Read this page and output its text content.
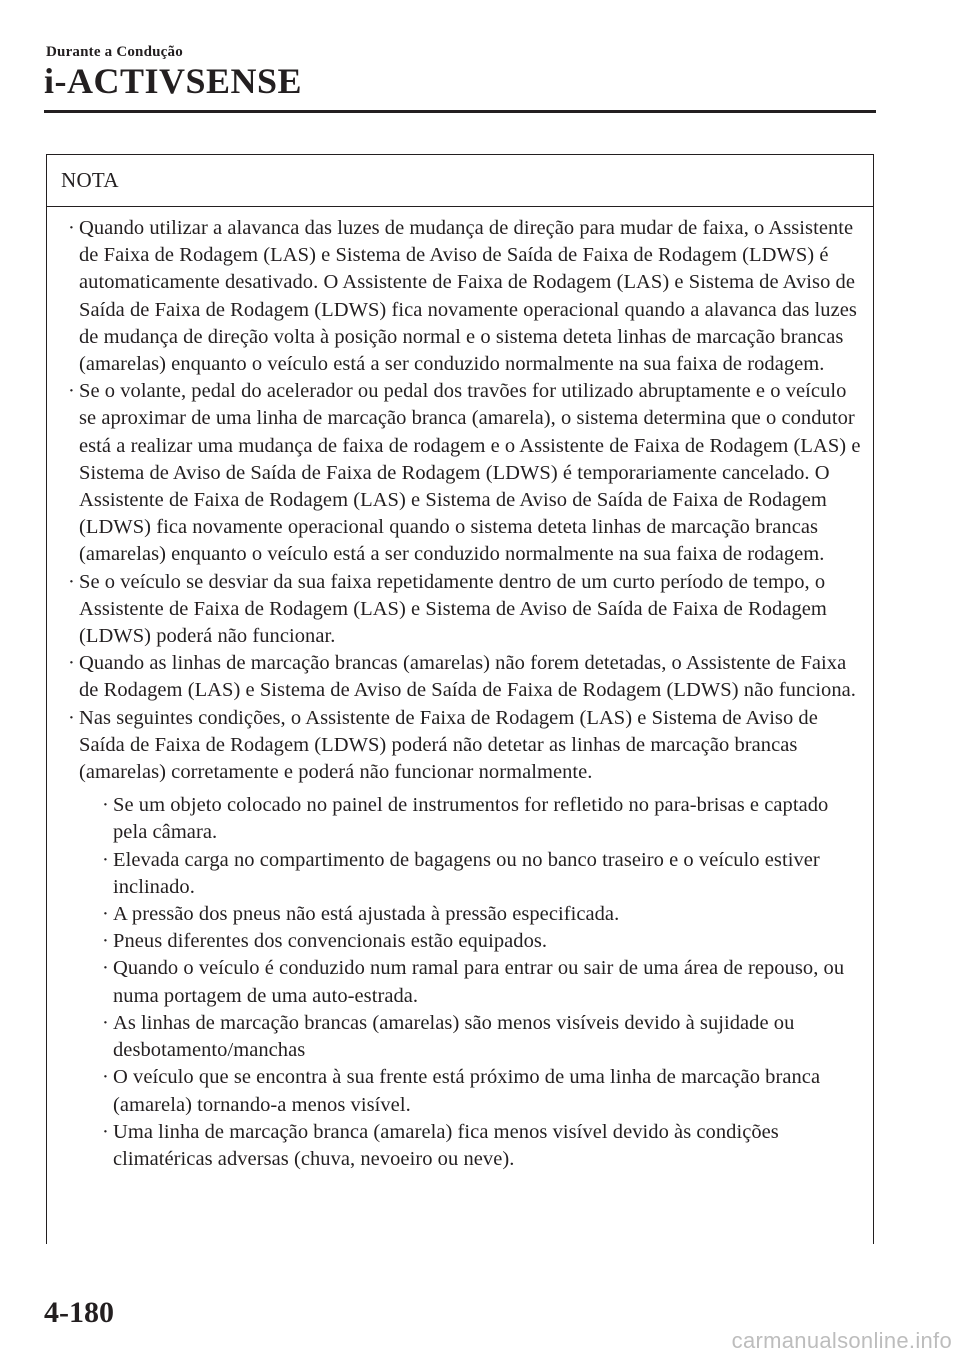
Durante a Condução
i-ACTIVSENSE
NOTA
· Quando utilizar a alavanca das luzes de mudança de direção para mudar de faixa, o Assistente de Faixa de Rodagem (LAS) e Sistema de Aviso de Saída de Faixa de Rodagem (LDWS) é automaticamente desativado. O Assistente de Faixa de Rodagem (LAS) e Sistema de Aviso de Saída de Faixa de Rodagem (LDWS) fica novamente operacional quando a alavanca das luzes de mudança de direção volta à posição normal e o sistema deteta linhas de marcação brancas (amarelas) enquanto o veículo está a ser conduzido normalmente na sua faixa de rodagem.
· Se o volante, pedal do acelerador ou pedal dos travões for utilizado abruptamente e o veículo se aproximar de uma linha de marcação branca (amarela), o sistema determina que o condutor está a realizar uma mudança de faixa de rodagem e o Assistente de Faixa de Rodagem (LAS) e Sistema de Aviso de Saída de Faixa de Rodagem (LDWS) é temporariamente cancelado. O Assistente de Faixa de Rodagem (LAS) e Sistema de Aviso de Saída de Faixa de Rodagem (LDWS) fica novamente operacional quando o sistema deteta linhas de marcação brancas (amarelas) enquanto o veículo está a ser conduzido normalmente na sua faixa de rodagem.
· Se o veículo se desviar da sua faixa repetidamente dentro de um curto período de tempo, o Assistente de Faixa de Rodagem (LAS) e Sistema de Aviso de Saída de Faixa de Rodagem (LDWS) poderá não funcionar.
· Quando as linhas de marcação brancas (amarelas) não forem detetadas, o Assistente de Faixa de Rodagem (LAS) e Sistema de Aviso de Saída de Faixa de Rodagem (LDWS) não funciona.
· Nas seguintes condições, o Assistente de Faixa de Rodagem (LAS) e Sistema de Aviso de Saída de Faixa de Rodagem (LDWS) poderá não detetar as linhas de marcação brancas (amarelas) corretamente e poderá não funcionar normalmente.
· Se um objeto colocado no painel de instrumentos for refletido no para-brisas e captado pela câmara.
· Elevada carga no compartimento de bagagens ou no banco traseiro e o veículo estiver inclinado.
· A pressão dos pneus não está ajustada à pressão especificada.
· Pneus diferentes dos convencionais estão equipados.
· Quando o veículo é conduzido num ramal para entrar ou sair de uma área de repouso, ou numa portagem de uma auto-estrada.
· As linhas de marcação brancas (amarelas) são menos visíveis devido à sujidade ou desbotamento/manchas
· O veículo que se encontra à sua frente está próximo de uma linha de marcação branca (amarela) tornando-a menos visível.
· Uma linha de marcação branca (amarela) fica menos visível devido às condições climatéricas adversas (chuva, nevoeiro ou neve).
4-180
carmanualsonline.info
